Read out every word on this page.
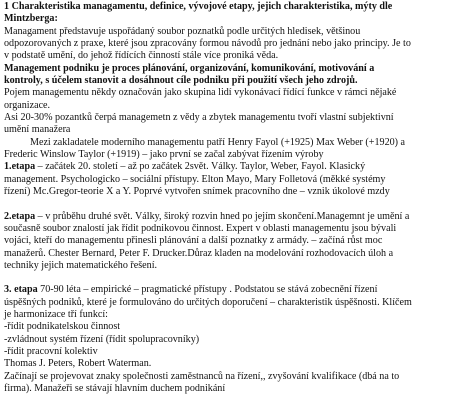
1 Charakteristika managamentu, definice, vývojové etapy, jejich charakteristika, mýty dle
Mintzberga:

Managament představuje uspořádaný soubor poznatků podle určitých hledisek, většinou
odpozorovaných z praxe, které jsou zpracovány formou návodů pro jednání nebo jako principy. Je to
v podstatě umění, do jehož řídících činností stále více proniká věda.

Management podniku je proces plánování, organizování, komunikování, motivování a
kontroly, s účelem stanovit a dosáhnout cíle podniku při použití všech jeho zdrojů.

Pojem managementu někdy označován jako skupina lidí vykonávací řídící funkce v rámci nějaké
organizace.
Asi 20-30% pozantků čerpá managemetn z vědy a zbytek managementu tvoří vlastní subjektivní
umění manažera

Mezi zakladatele moderního managementu patří Henry Fayol (+1925) Max Weber (+1920) a

Frederic Winslow Taylor (+1919) – jako první se začal zabývat řízením výroby

1.etapa – začátek 20. století – až po začátek 2svět. Války. Taylor, Weber, Fayol. Klasický
management. Psychologicko – sociální přístupy. Elton Mayo, Mary Folletová (měkké systémy
řízení) Mc.Gregor-teorie X a Y. Poprvé vytvořen snímek pracovního dne – vznik úkolové mzdy

2.etapa – v průběhu druhé svět. Války, široký rozvin hned po jejím skončení.Managemnt je umění a
současně soubor znalostí jak řídit podnikovou činnost. Expert v oblasti managementu jsou bývali
vojáci, kteří do managementu přinesli plánování a další poznatky z armády. – začíná růst moc
manažerů. Chester Bernard, Peter F. Drucker.Důraz kladen na modelování rozhodovacích úloh a
techniky jejich matematického řešení.

3. etapa 70-90 léta – empirické – pragmatické přístupy . Podstatou se stává zobecnění řízení
úspěšných podniků, které je formulováno do určitých doporučení – charakteristik úspěšnosti. Klíčem
je harmonizace tří funkcí:
-řídit podnikatelskou činnost
-zvládnout systém řízení (řídit spolupracovníky)
-řídit pracovní kolektiv
Thomas J. Peters, Robert Waterman.
Začínají se projevovat znaky společnosti zaměstnanců na řízení,, zvyšování kvalifikace (dbá na to
firma). Manažeři se stávají hlavním duchem podnikání
